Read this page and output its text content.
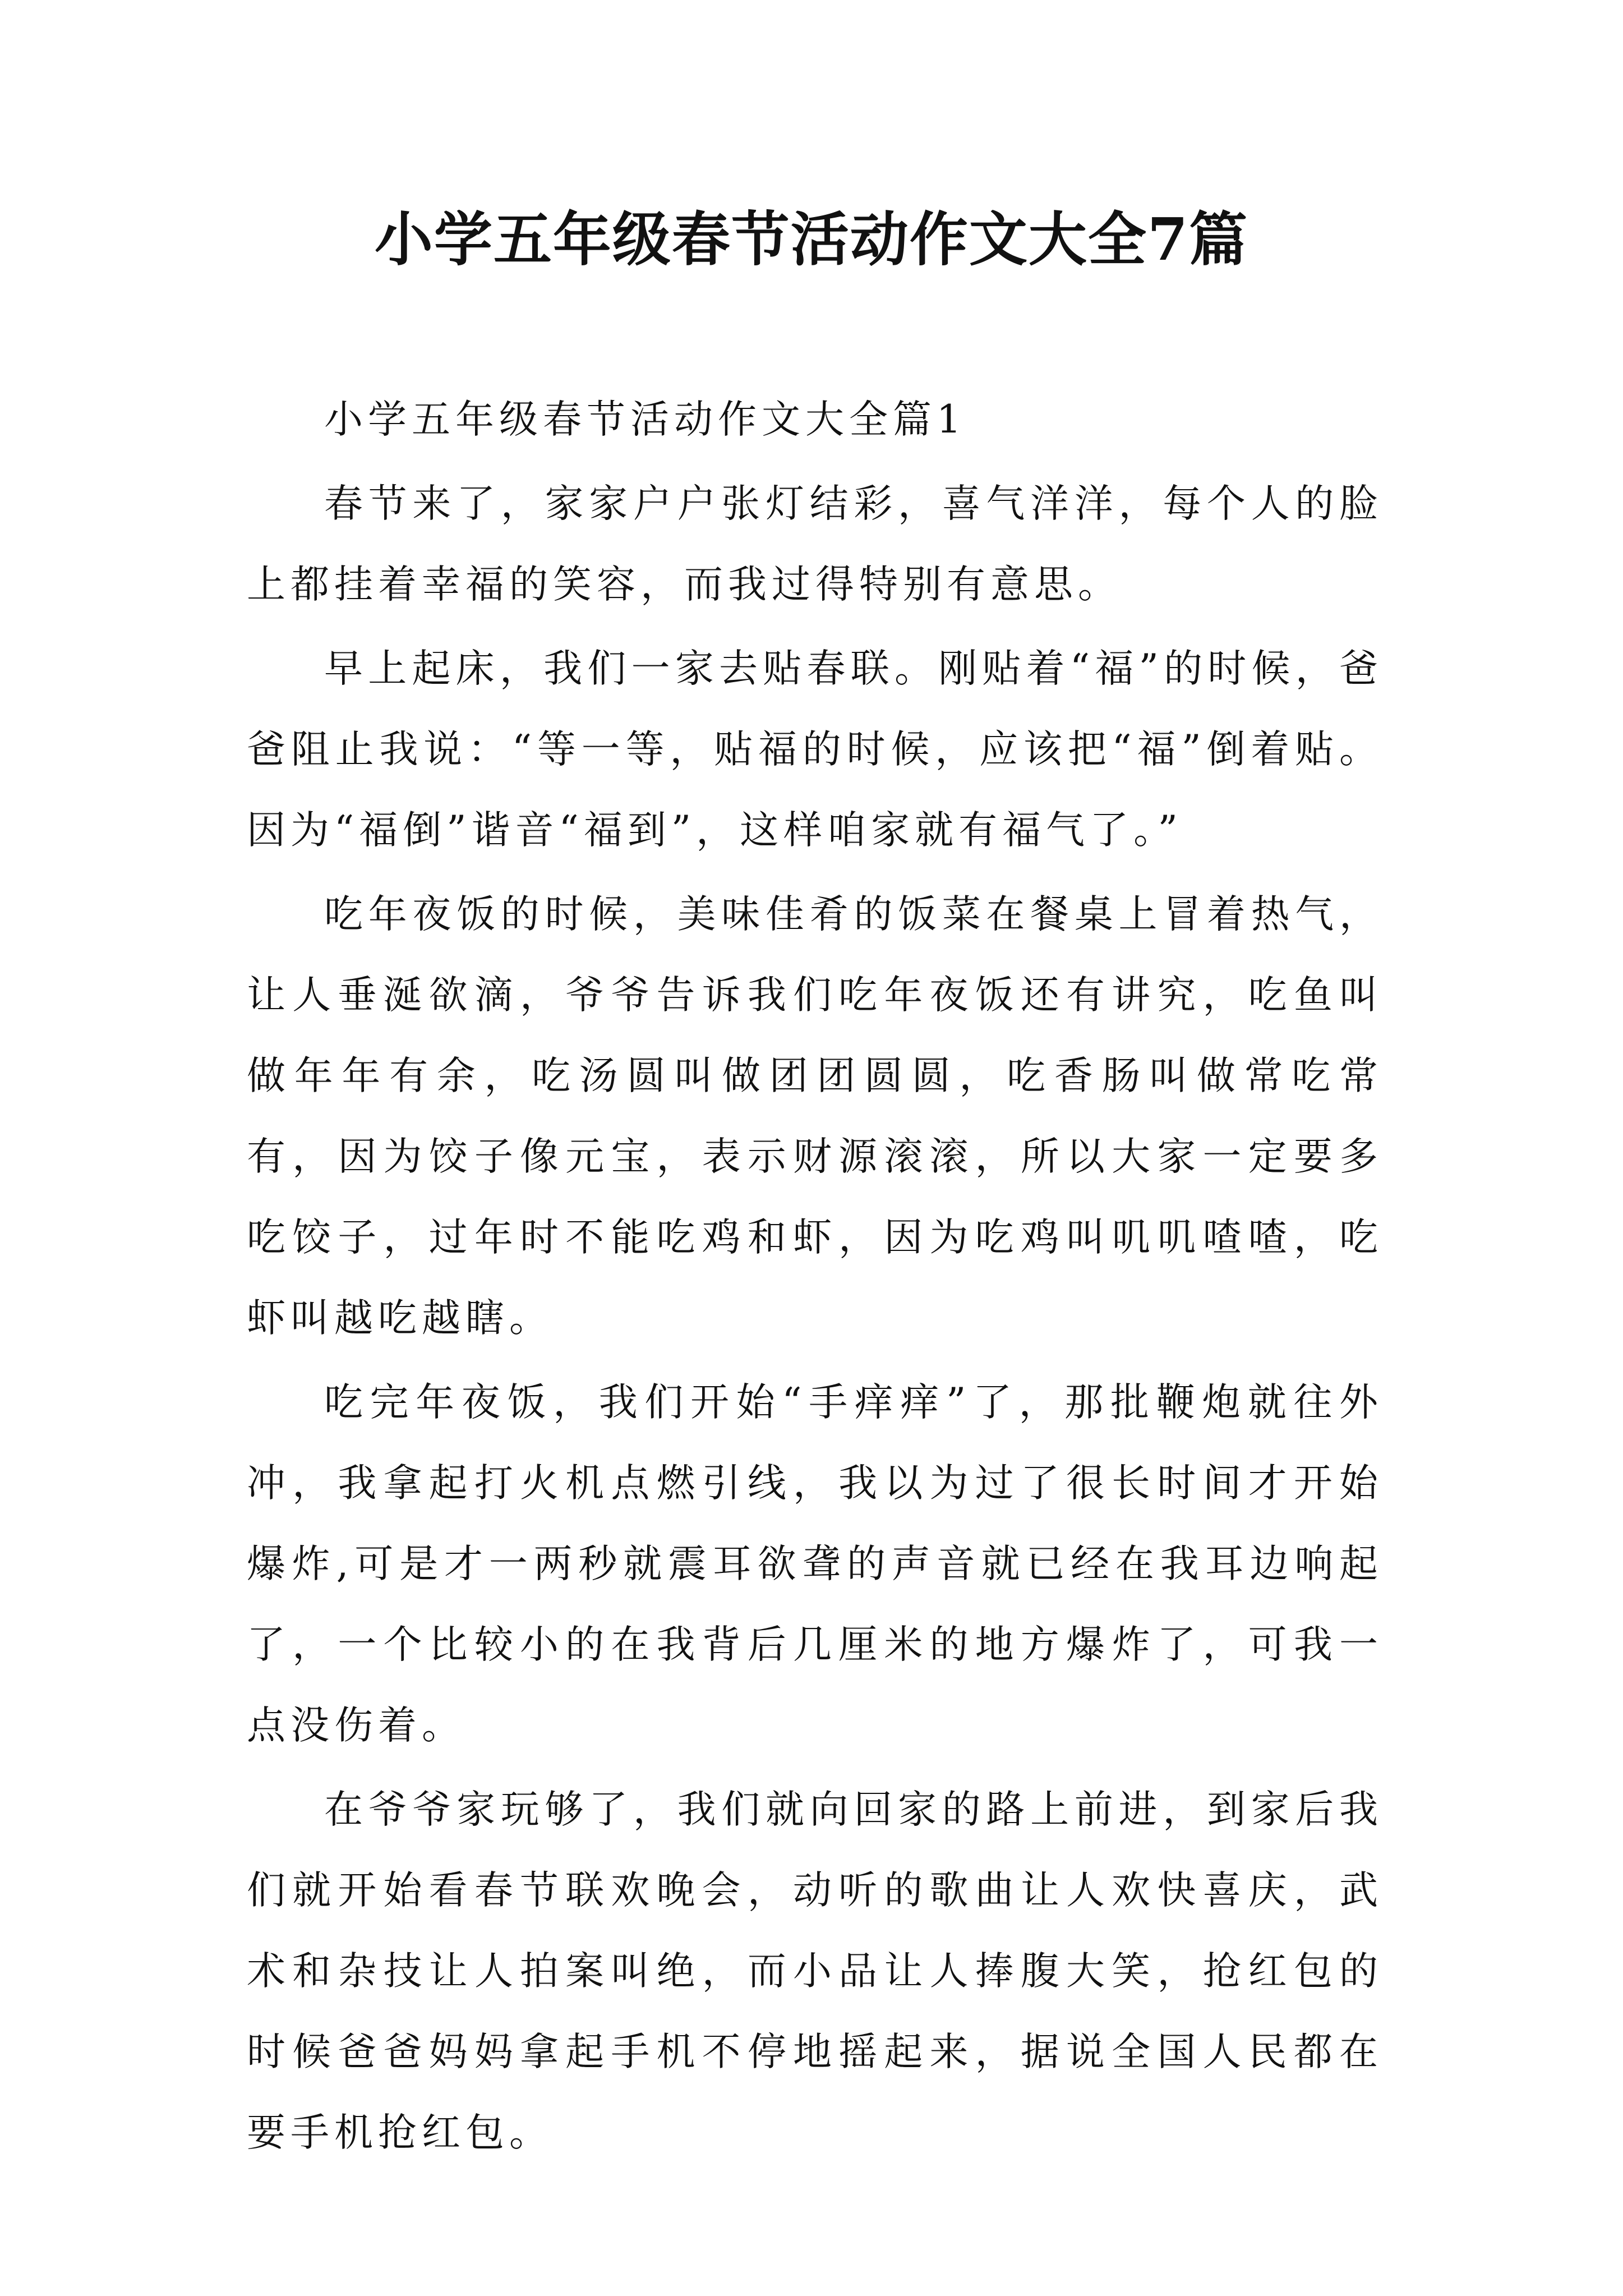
小学五年级春节活动作文大全7篇

小学五年级春节活动作文大全篇1

春节来了，家家户户张灯结彩，喜气洋洋，每个人的脸上都挂着幸福的笑容，而我过得特别有意思。

早上起床，我们一家去贴春联。刚贴着“福”的时候，爸爸阻止我说：“等一等，贴福的时候，应该把“福”倒着贴。因为“福倒”谐音“福到”，这样咱家就有福气了。”

吃年夜饭的时候，美味佳肴的饭菜在餐桌上冒着热气，让人垂涎欲滴，爷爷告诉我们吃年夜饭还有讲究，吃鱼叫做年年有余，吃汤圆叫做团团圆圆，吃香肠叫做常吃常有，因为饺子像元宝，表示财源滚滚，所以大家一定要多吃饺子，过年时不能吃鸡和虾，因为吃鸡叫叽叽喳喳，吃虾叫越吃越瞎。

吃完年夜饭，我们开始“手痒痒”了，那批鞭炮就往外冲，我拿起打火机点燃引线，我以为过了很长时间才开始爆炸,可是才一两秒就震耳欲聋的声音就已经在我耳边响起了，一个比较小的在我背后几厘米的地方爆炸了，可我一点没伤着。

在爷爷家玩够了，我们就向回家的路上前进，到家后我们就开始看春节联欢晚会，动听的歌曲让人欢快喜庆，武术和杂技让人拍案叫绝，而小品让人捧腹大笑，抢红包的时候爸爸妈妈拿起手机不停地摇起来，据说全国人民都在要手机抢红包。
